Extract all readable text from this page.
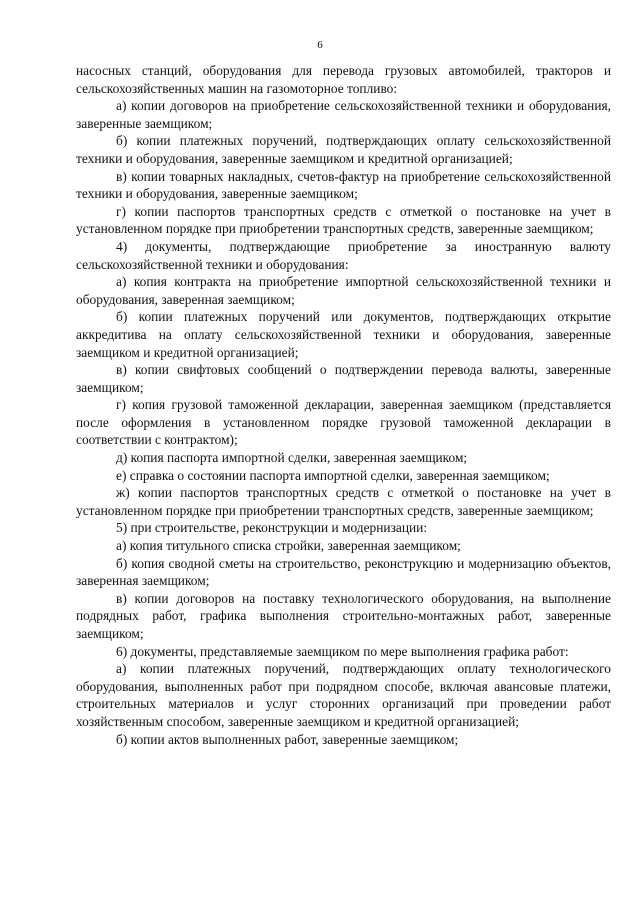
6

насосных станций, оборудования для перевода грузовых автомобилей, тракторов и сельскохозяйственных машин на газомоторное топливо:

а) копии договоров на приобретение сельскохозяйственной техники и оборудования, заверенные заемщиком;

б) копии платежных поручений, подтверждающих оплату сельскохозяйственной техники и оборудования, заверенные заемщиком и кредитной организацией;

в) копии товарных накладных, счетов-фактур на приобретение сельскохозяйственной техники и оборудования, заверенные заемщиком;

г) копии паспортов транспортных средств с отметкой о постановке на учет в установленном порядке при приобретении транспортных средств, заверенные заемщиком;

4) документы, подтверждающие приобретение за иностранную валюту сельскохозяйственной техники и оборудования:

а) копия контракта на приобретение импортной сельскохозяйственной техники и оборудования, заверенная заемщиком;

б) копии платежных поручений или документов, подтверждающих открытие аккредитива на оплату сельскохозяйственной техники и оборудования, заверенные заемщиком и кредитной организацией;

в) копии свифтовых сообщений о подтверждении перевода валюты, заверенные заемщиком;

г) копия грузовой таможенной декларации, заверенная заемщиком (представляется после оформления в установленном порядке грузовой таможенной декларации в соответствии с контрактом);

д) копия паспорта импортной сделки, заверенная заемщиком;

е) справка о состоянии паспорта импортной сделки, заверенная заемщиком;

ж) копии паспортов транспортных средств с отметкой о постановке на учет в установленном порядке при приобретении транспортных средств, заверенные заемщиком;

5) при строительстве, реконструкции и модернизации:

а) копия титульного списка стройки, заверенная заемщиком;

б) копия сводной сметы на строительство, реконструкцию и модернизацию объектов, заверенная заемщиком;

в) копии договоров на поставку технологического оборудования, на выполнение подрядных работ, графика выполнения строительно-монтажных работ, заверенные заемщиком;

6) документы, представляемые заемщиком по мере выполнения графика работ:

а) копии платежных поручений, подтверждающих оплату технологического оборудования, выполненных работ при подрядном способе, включая авансовые платежи, строительных материалов и услуг сторонних организаций при проведении работ хозяйственным способом, заверенные заемщиком и кредитной организацией;

б) копии актов выполненных работ, заверенные заемщиком;
